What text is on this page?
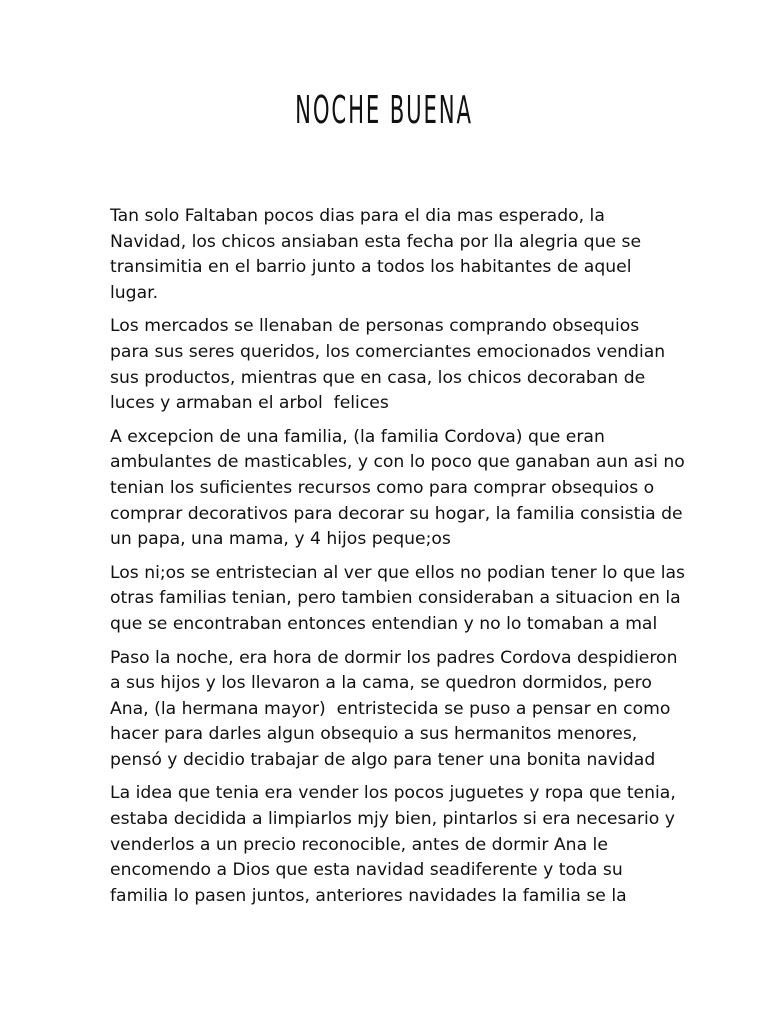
NOCHE BUENA

Tan solo Faltaban pocos dias para el dia mas esperado, la
Navidad, los chicos ansiaban esta fecha por lla alegria que se
transimitia en el barrio junto a todos los habitantes de aquel
lugar.

Los mercados se llenaban de personas comprando obsequios
para sus seres queridos, los comerciantes emocionados vendian
sus productos, mientras que en casa, los chicos decoraban de
luces y armaban el arbol  felices

A excepcion de una familia, (la familia Cordova) que eran
ambulantes de masticables, y con lo poco que ganaban aun asi no
tenian los suficientes recursos como para comprar obsequios o
comprar decorativos para decorar su hogar, la familia consistia de
un papa, una mama, y 4 hijos peque;os

Los ni;os se entristecian al ver que ellos no podian tener lo que las
otras familias tenian, pero tambien consideraban a situacion en la
que se encontraban entonces entendian y no lo tomaban a mal

Paso la noche, era hora de dormir los padres Cordova despidieron
a sus hijos y los llevaron a la cama, se quedron dormidos, pero
Ana, (la hermana mayor)  entristecida se puso a pensar en como
hacer para darles algun obsequio a sus hermanitos menores,
pensó y decidio trabajar de algo para tener una bonita navidad

La idea que tenia era vender los pocos juguetes y ropa que tenia,
estaba decidida a limpiarlos mjy bien, pintarlos si era necesario y
venderlos a un precio reconocible, antes de dormir Ana le
encomendo a Dios que esta navidad seadiferente y toda su
familia lo pasen juntos, anteriores navidades la familia se la
